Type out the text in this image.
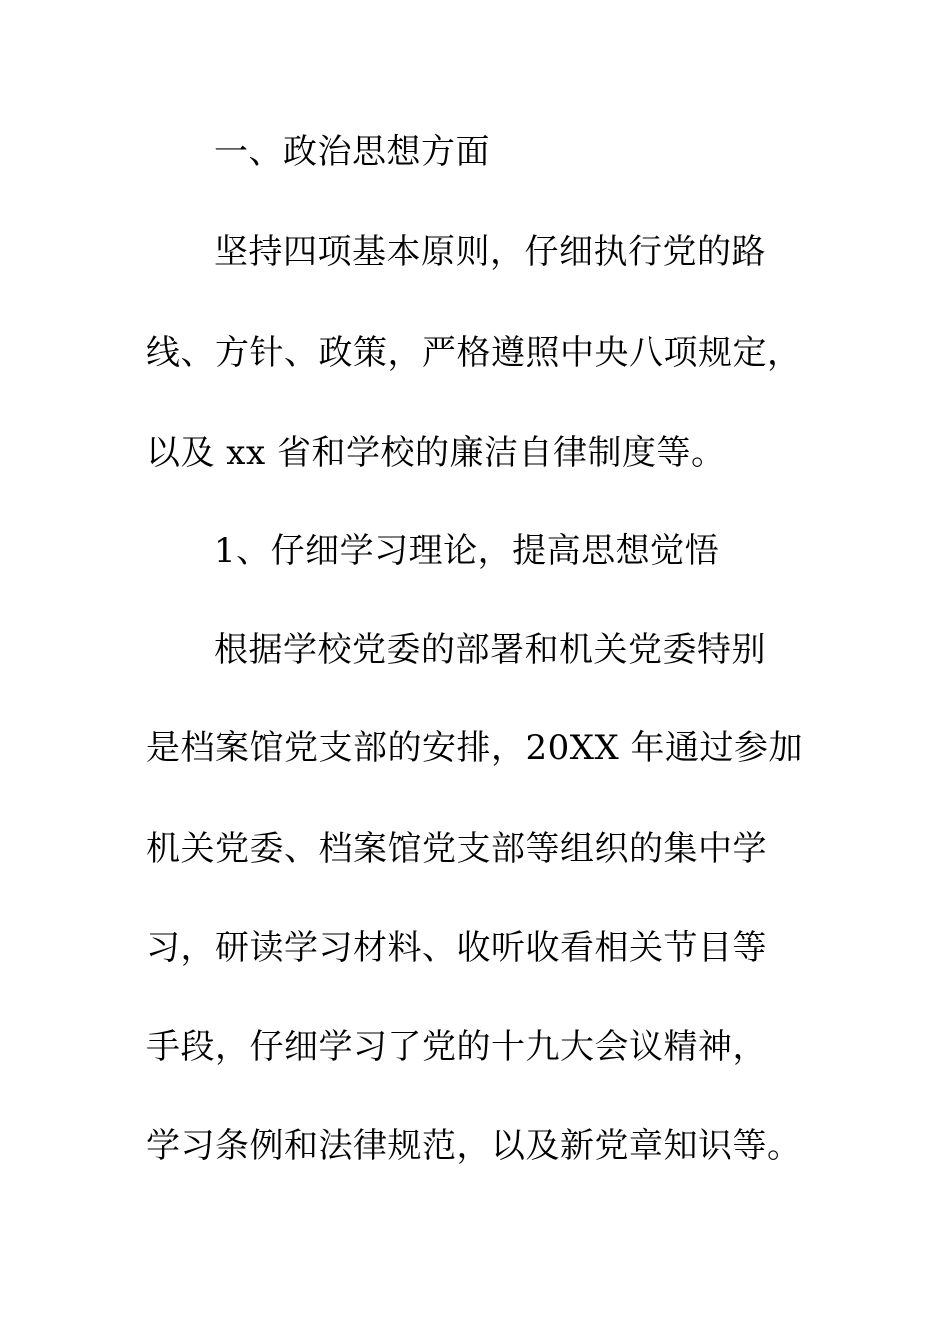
一、政治思想方面
坚持四项基本原则，仔细执行党的路
线、方针、政策，严格遵照中央八项规定，
以及 xx 省和学校的廉洁自律制度等。
1、仔细学习理论，提高思想觉悟
根据学校党委的部署和机关党委特别
是档案馆党支部的安排，20XX 年通过参加
机关党委、档案馆党支部等组织的集中学
习，研读学习材料、收听收看相关节目等
手段，仔细学习了党的十九大会议精神，
学习条例和法律规范，以及新党章知识等。
